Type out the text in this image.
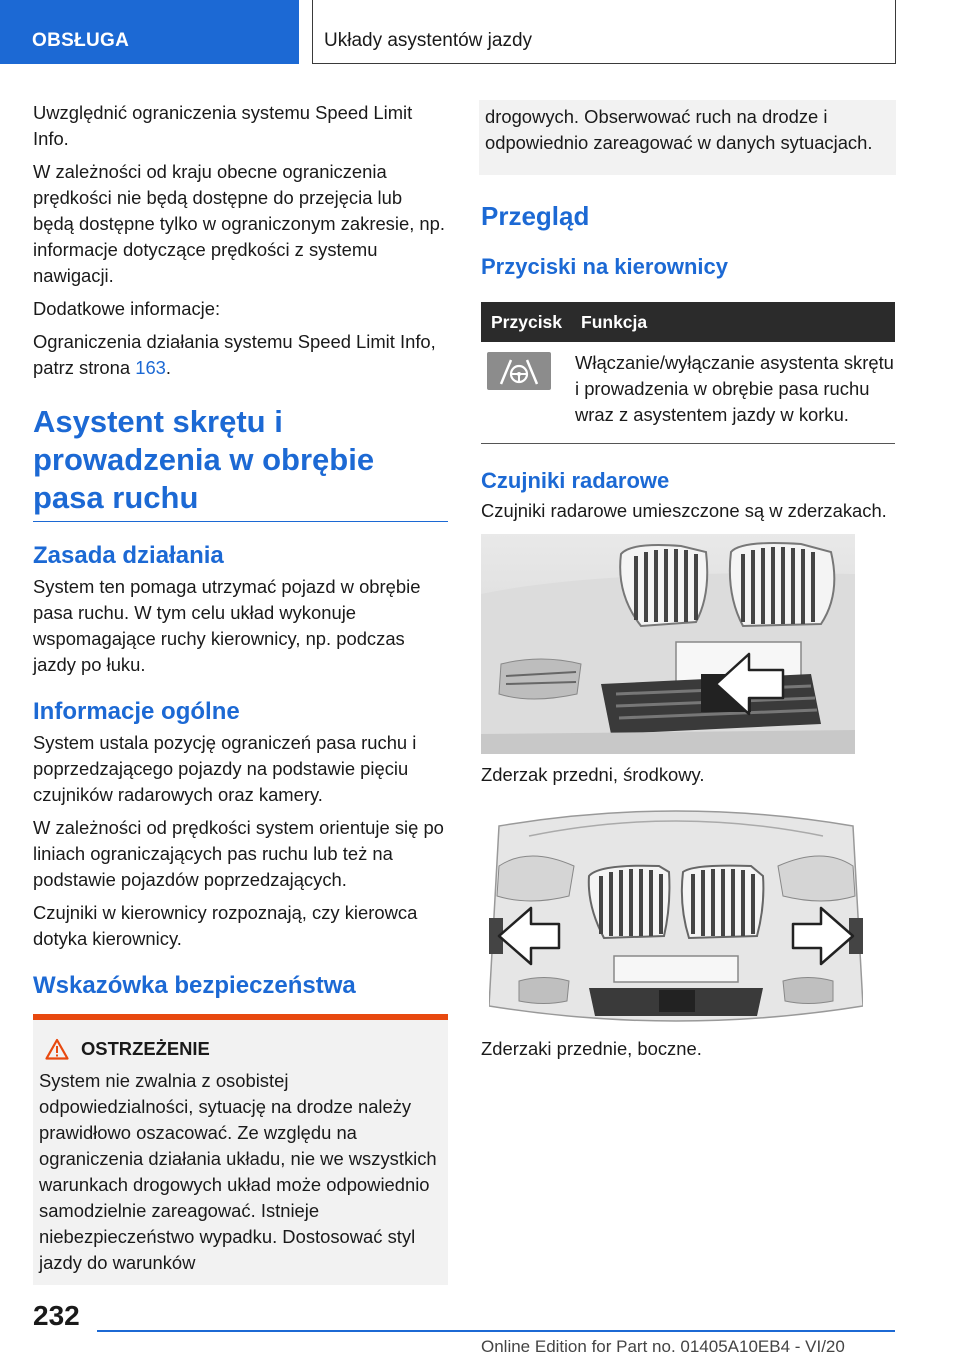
OBSŁUGA	Układy asystentów jazdy

Uwzględnić ograniczenia systemu Speed Limit Info.

W zależności od kraju obecne ograniczenia prędkości nie będą dostępne do przejęcia lub będą dostępne tylko w ograniczonym zakresie, np. informacje dotyczące prędkości z systemu nawigacji.

Dodatkowe informacje:

Ograniczenia działania systemu Speed Limit Info, patrz strona 163.

Asystent skrętu i prowadzenia w obrębie pasa ruchu
Zasada działania

System ten pomaga utrzymać pojazd w obrębie pasa ruchu. W tym celu układ wykonuje wspomagające ruchy kierownicy, np. podczas jazdy po łuku.

Informacje ogólne

System ustala pozycję ograniczeń pasa ruchu i poprzedzającego pojazdy na podstawie pięciu czujników radarowych oraz kamery.

W zależności od prędkości system orientuje się po liniach ograniczających pas ruchu lub też na podstawie pojazdów poprzedzających.

Czujniki w kierownicy rozpoznają, czy kierowca dotyka kierownicy.

Wskazówka bezpieczeństwa
OSTRZEŻENIE

System nie zwalnia z osobistej odpowiedzialności, sytuację na drodze należy prawidłowo oszacować. Ze względu na ograniczenia działania układu, nie we wszystkich warunkach drogowych układ może odpowiednio samodzielnie zareagować. Istnieje niebezpieczeństwo wypadku. Dostosować styl jazdy do warunków

drogowych. Obserwować ruch na drodze i odpowiednio zareagować w danych sytuacjach.

Przegląd
Przyciski na kierownicy
Przycisk	Funkcja

Włączanie/wyłączanie asystenta skrętu i prowadzenia w obrębie pasa ruchu wraz z asystentem jazdy w korku.

Czujniki radarowe

Czujniki radarowe umieszczone są w zderzakach.

Zderzak przedni, środkowy.

Zderzaki przednie, boczne.

232
Online Edition for Part no. 01405A10EB4 - VI/20
